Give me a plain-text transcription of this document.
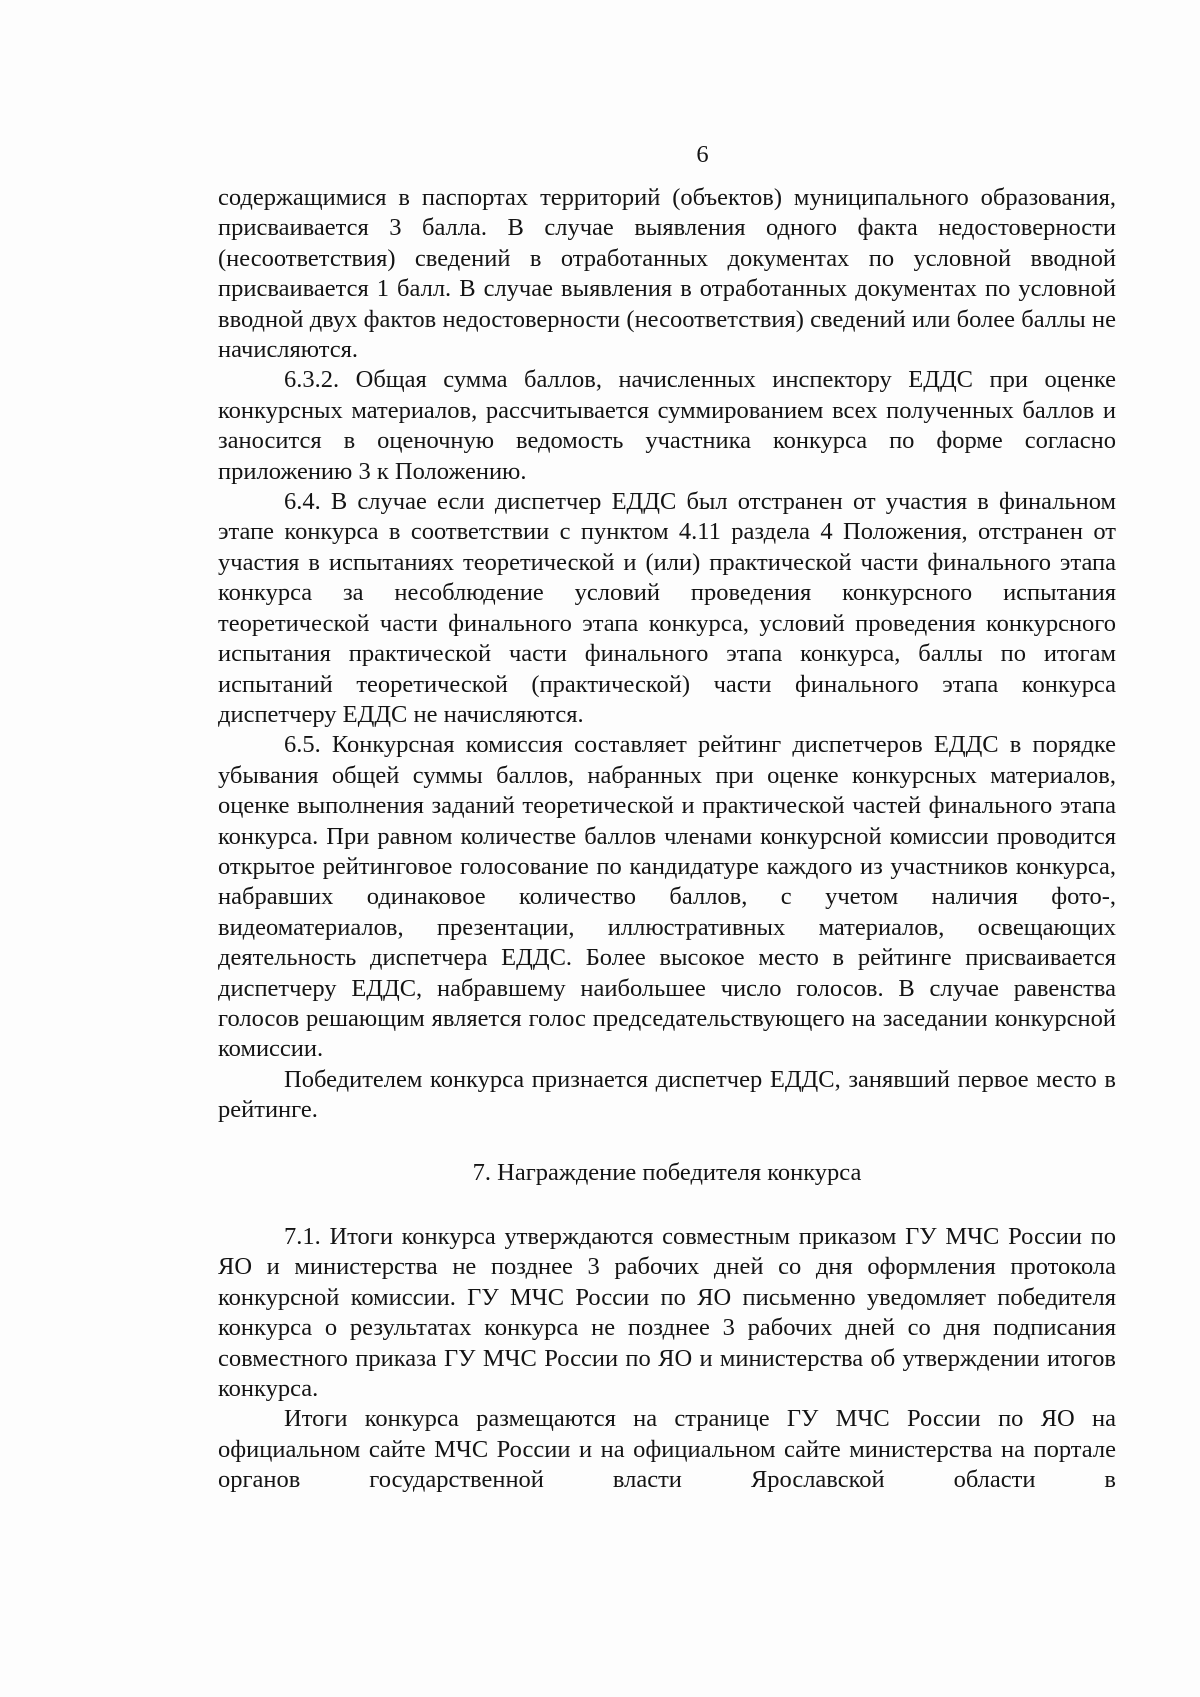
6

содержащимися в паспортах территорий (объектов) муниципального образования, присваивается 3 балла. В случае выявления одного факта недостоверности (несоответствия) сведений в отработанных документах по условной вводной присваивается 1 балл. В случае выявления в отработанных документах по условной вводной двух фактов недостоверности (несоответствия) сведений или более баллы не начисляются.

6.3.2. Общая сумма баллов, начисленных инспектору ЕДДС при оценке конкурсных материалов, рассчитывается суммированием всех полученных баллов и заносится в оценочную ведомость участника конкурса по форме согласно приложению 3 к Положению.

6.4. В случае если диспетчер ЕДДС был отстранен от участия в финальном этапе конкурса в соответствии с пунктом 4.11 раздела 4 Положения, отстранен от участия в испытаниях теоретической и (или) практической части финального этапа конкурса за несоблюдение условий проведения конкурсного испытания теоретической части финального этапа конкурса, условий проведения конкурсного испытания практической части финального этапа конкурса, баллы по итогам испытаний теоретической (практической) части финального этапа конкурса диспетчеру ЕДДС не начисляются.

6.5. Конкурсная комиссия составляет рейтинг диспетчеров ЕДДС в порядке убывания общей суммы баллов, набранных при оценке конкурсных материалов, оценке выполнения заданий теоретической и практической частей финального этапа конкурса. При равном количестве баллов членами конкурсной комиссии проводится открытое рейтинговое голосование по кандидатуре каждого из участников конкурса, набравших одинаковое количество баллов, с учетом наличия фото-, видеоматериалов, презентации, иллюстративных материалов, освещающих деятельность диспетчера ЕДДС. Более высокое место в рейтинге присваивается диспетчеру ЕДДС, набравшему наибольшее число голосов. В случае равенства голосов решающим является голос председательствующего на заседании конкурсной комиссии.

Победителем конкурса признается диспетчер ЕДДС, занявший первое место в рейтинге.

7. Награждение победителя конкурса

7.1. Итоги конкурса утверждаются совместным приказом ГУ МЧС России по ЯО и министерства не позднее 3 рабочих дней со дня оформления протокола конкурсной комиссии. ГУ МЧС России по ЯО письменно уведомляет победителя конкурса о результатах конкурса не позднее 3 рабочих дней со дня подписания совместного приказа ГУ МЧС России по ЯО и министерства об утверждении итогов конкурса.

Итоги конкурса размещаются на странице ГУ МЧС России по ЯО на официальном сайте МЧС России и на официальном сайте министерства на портале органов государственной власти Ярославской области в
